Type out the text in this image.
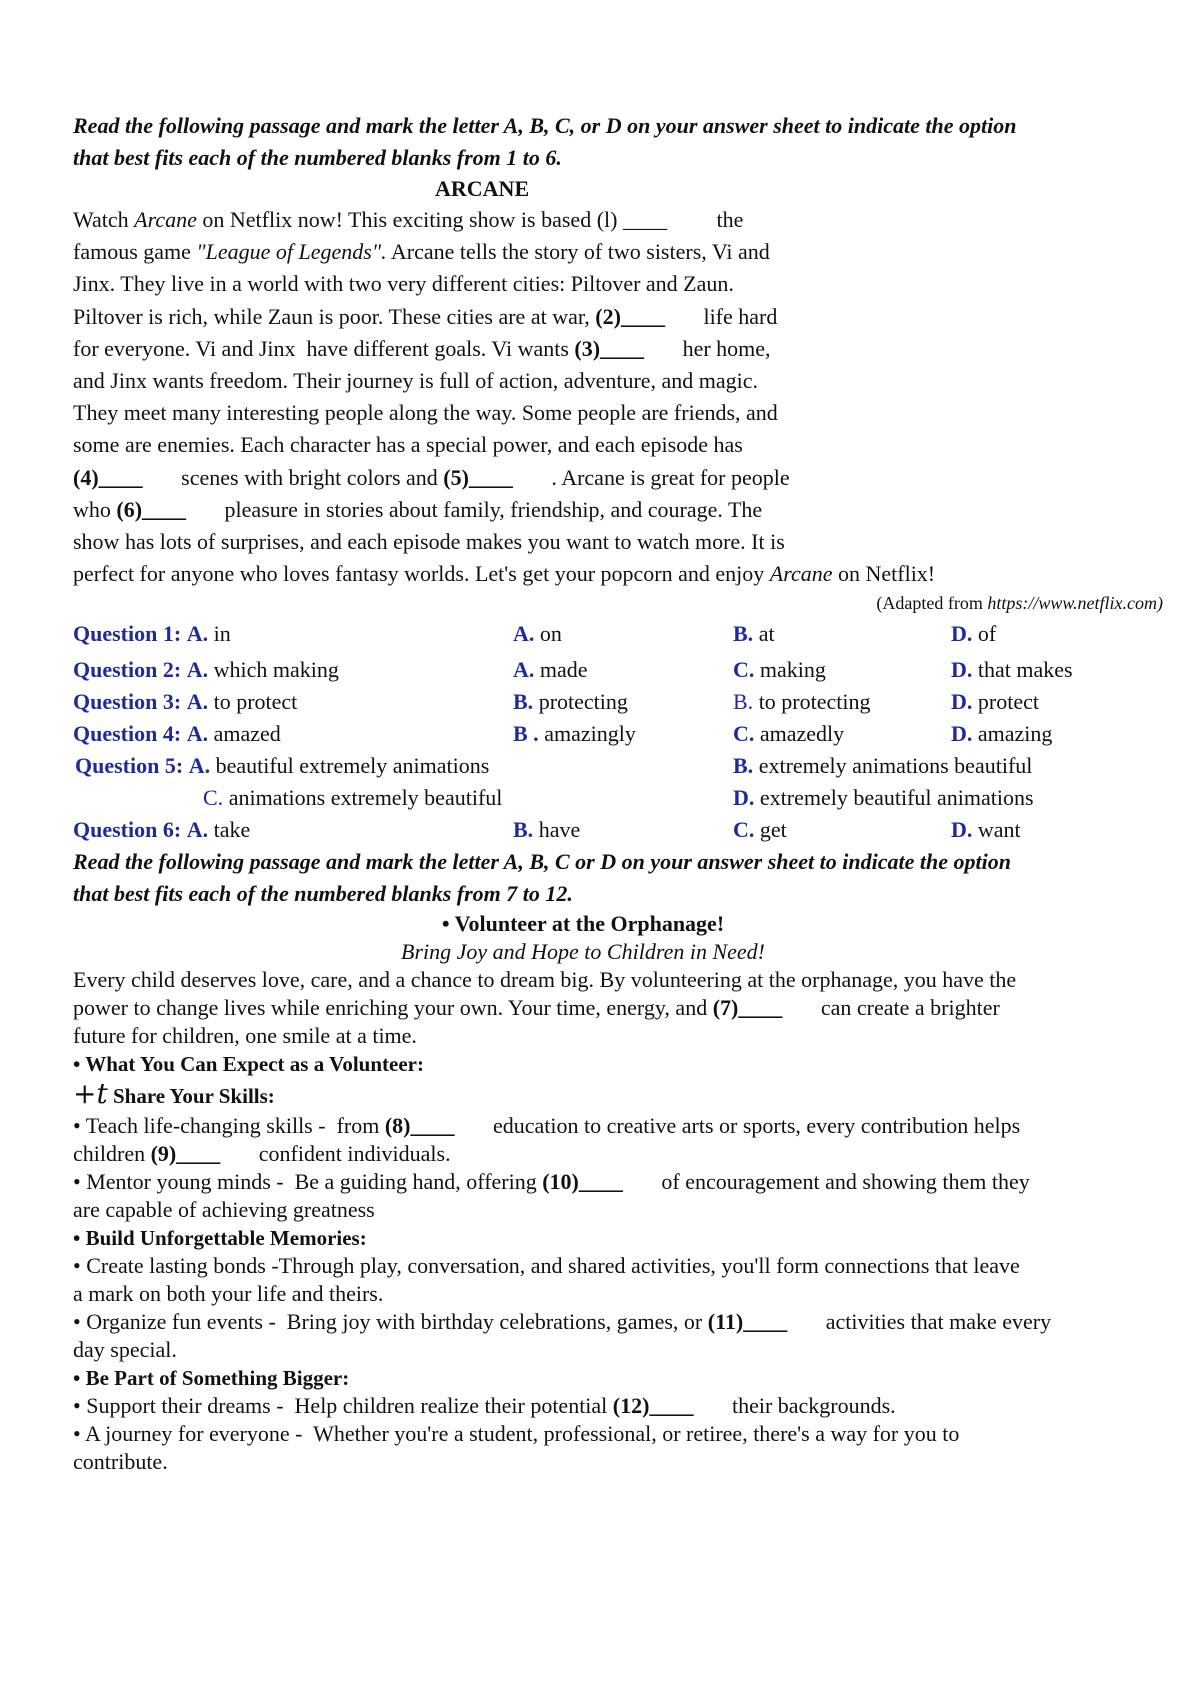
Read the following passage and mark the letter A, B, C, or D on your answer sheet to indicate the option
that best fits each of the numbered blanks from 1 to 6.

ARCANE

Watch Arcane on Netflix now! This exciting show is based (l) ____         the
famous game "League of Legends". Arcane tells the story of two sisters, Vi and
Jinx. They live in a world with two very different cities: Piltover and Zaun.
Piltover is rich, while Zaun is poor. These cities are at war, (2)____       life hard
for everyone. Vi and Jinx  have different goals. Vi wants (3)____       her home,
and Jinx wants freedom. Their journey is full of action, adventure, and magic.
They meet many interesting people along the way. Some people are friends, and
some are enemies. Each character has a special power, and each episode has
(4)____       scenes with bright colors and (5)____       . Arcane is great for people
who (6)____       pleasure in stories about family, friendship, and courage. The
show has lots of surprises, and each episode makes you want to watch more. It is
perfect for anyone who loves fantasy worlds. Let's get your popcorn and enjoy Arcane on Netflix!

(Adapted from https://www.netflix.com)

Question 1: A. in	A. on	B. at	D. of
Question 2: A. which making	A. made	C. making	D. that makes
Question 3: A. to protect	B. protecting	B. to protecting	D. protect
Question 4: A. amazed	B . amazingly	C. amazedly	D. amazing
Question 5: A. beautiful extremely animations	B. extremely animations beautiful
C. animations extremely beautiful	D. extremely beautiful animations
Question 6: A. take	B. have	C. get	D. want

Read the following passage and mark the letter A, B, C or D on your answer sheet to indicate the option
that best fits each of the numbered blanks from 7 to 12.

• Volunteer at the Orphanage!

Bring Joy and Hope to Children in Need!

Every child deserves love, care, and a chance to dream big. By volunteering at the orphanage, you have the
power to change lives while enriching your own. Your time, energy, and (7)____       can create a brighter
future for children, one smile at a time.

• What You Can Expect as a Volunteer:

+t Share Your Skills:

• Teach life-changing skills -  from (8)____       education to creative arts or sports, every contribution helps
children (9)____       confident individuals.
• Mentor young minds -  Be a guiding hand, offering (10)____       of encouragement and showing them they
are capable of achieving greatness

• Build Unforgettable Memories:

• Create lasting bonds -Through play, conversation, and shared activities, you'll form connections that leave
a mark on both your life and theirs.
• Organize fun events -  Bring joy with birthday celebrations, games, or (11)____       activities that make every
day special.

• Be Part of Something Bigger:

• Support their dreams -  Help children realize their potential (12)____       their backgrounds.
• A journey for everyone -  Whether you're a student, professional, or retiree, there's a way for you to
contribute.
